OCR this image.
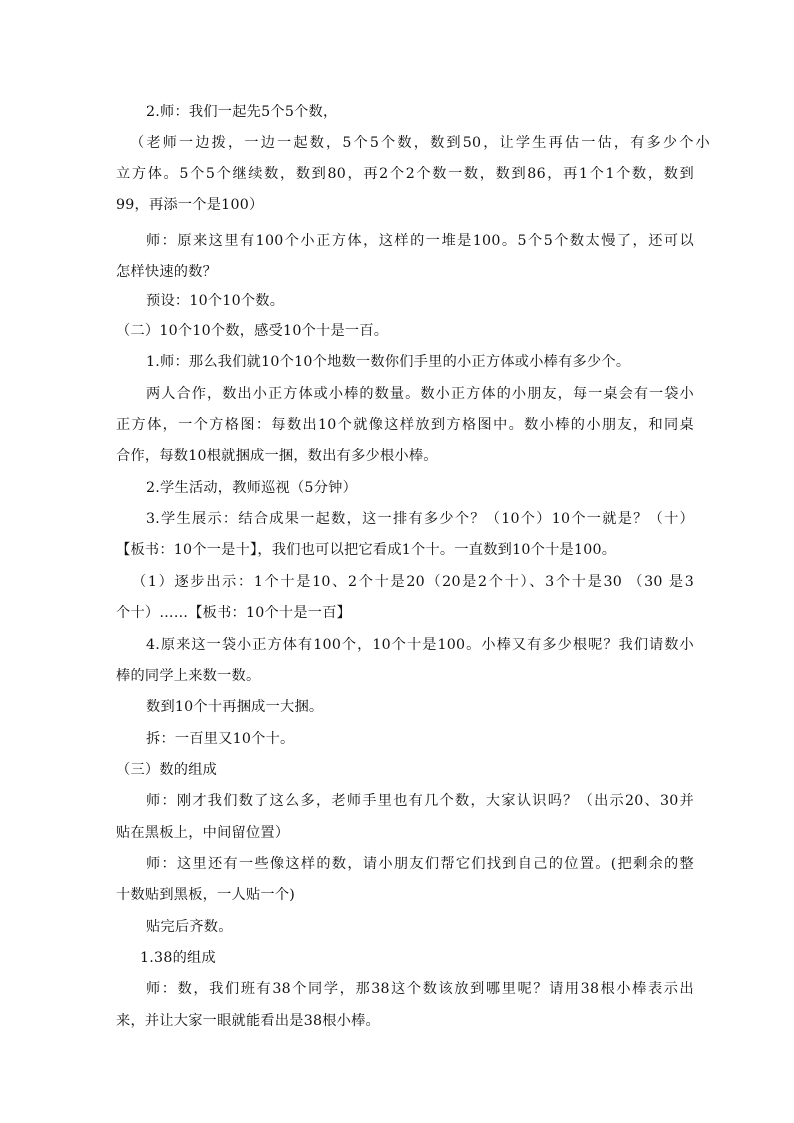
2.师：我们一起先5个5个数，
（老师一边拨，一边一起数，5个5个数，数到50，让学生再估一估，有多少个小
立方体。5个5个继续数，数到80，再2个2个数一数，数到86，再1个1个数，数到
99，再添一个是100）
师：原来这里有100个小正方体，这样的一堆是100。5个5个数太慢了，还可以
怎样快速的数？
预设：10个10个数。
（二）10个10个数，感受10个十是一百。
1.师：那么我们就10个10个地数一数你们手里的小正方体或小棒有多少个。
两人合作，数出小正方体或小棒的数量。数小正方体的小朋友，每一桌会有一袋小
正方体，一个方格图：每数出10个就像这样放到方格图中。数小棒的小朋友，和同桌
合作，每数10根就捆成一捆，数出有多少根小棒。
2.学生活动，教师巡视（5分钟）
3.学生展示：结合成果一起数，这一排有多少个？（10个）10个一就是？（十）
【板书：10个一是十】，我们也可以把它看成1个十。一直数到10个十是100。
（1）逐步出示：1个十是10、2个十是20（20是2个十）、3个十是30 （30 是3
个十）……【板书：10个十是一百】
4.原来这一袋小正方体有100个，10个十是100。小棒又有多少根呢？我们请数小
棒的同学上来数一数。
数到10个十再捆成一大捆。
拆：一百里又10个十。
（三）数的组成
师：刚才我们数了这么多，老师手里也有几个数，大家认识吗？（出示20、30并
贴在黑板上，中间留位置）
师：这里还有一些像这样的数，请小朋友们帮它们找到自己的位置。(把剩余的整
十数贴到黑板，一人贴一个)
贴完后齐数。
1.38的组成
师：数，我们班有38个同学，那38这个数该放到哪里呢？请用38根小棒表示出
来，并让大家一眼就能看出是38根小棒。
